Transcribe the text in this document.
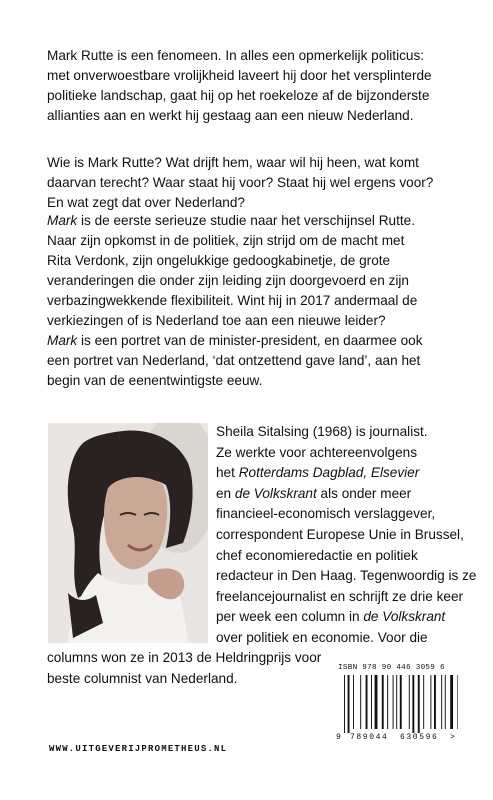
Mark Rutte is een fenomeen. In alles een opmerkelijk politicus:
met onverwoestbare vrolijkheid laveert hij door het versplinterde
politieke landschap, gaat hij op het roekeloze af de bijzonderste
allianties aan en werkt hij gestaag aan een nieuw Nederland.
Wie is Mark Rutte? Wat drijft hem, waar wil hij heen, wat komt
daarvan terecht? Waar staat hij voor? Staat hij wel ergens voor?
En wat zegt dat over Nederland?
Mark is de eerste serieuze studie naar het verschijnsel Rutte.
Naar zijn opkomst in de politiek, zijn strijd om de macht met
Rita Verdonk, zijn ongelukkige gedoogkabinetje, de grote
veranderingen die onder zijn leiding zijn doorgevoerd en zijn
verbazingwekkende flexibiliteit. Wint hij in 2017 andermaal de
verkiezingen of is Nederland toe aan een nieuwe leider?
Mark is een portret van de minister-president, en daarmee ook
een portret van Nederland, ‘dat ontzettend gave land’, aan het
begin van de eenentwintigste eeuw.
Sheila Sitalsing (1968) is journalist.
Ze werkte voor achtereenvolgens
het Rotterdams Dagblad, Elsevier
en de Volkskrant als onder meer
financieel-economisch verslaggever,
correspondent Europese Unie in Brussel,
chef economieredactie en politiek
redacteur in Den Haag. Tegenwoordig is ze
freelancejournalist en schrijft ze drie keer
per week een column in de Volkskrant
over politiek en economie. Voor die
columns won ze in 2013 de Heldringprijs voor
beste columnist van Nederland.
ISBN 978 90 446 3059 6
9 789044 630596 >
WWW.UITGEVERIJPROMETHEUS.NL
